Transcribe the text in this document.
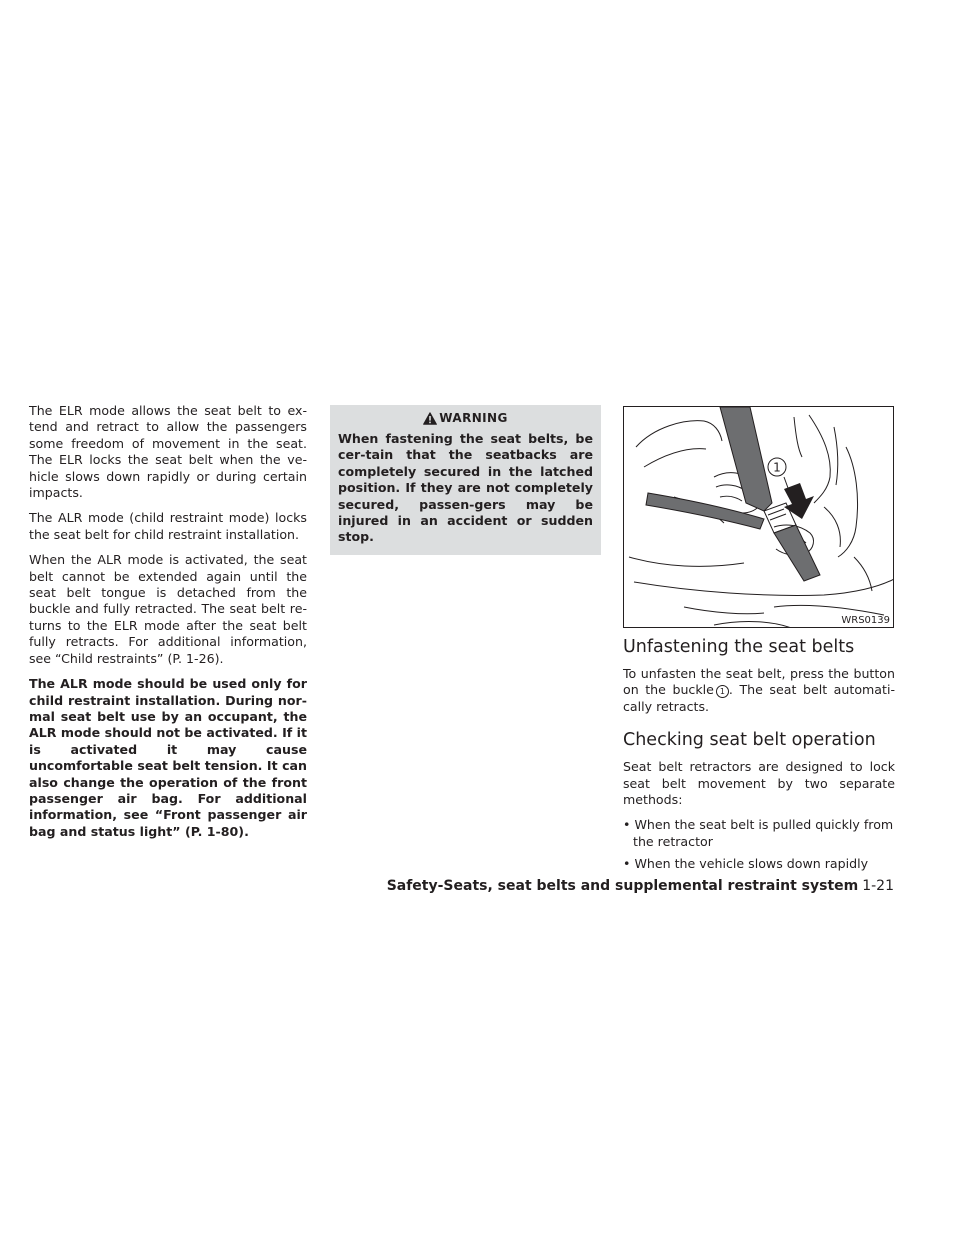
The ELR mode allows the seat belt to ex-tend and retract to allow the passengers some freedom of movement in the seat. The ELR locks the seat belt when the ve-hicle slows down rapidly or during certain impacts.

The ALR mode (child restraint mode) locks the seat belt for child restraint installation.

When the ALR mode is activated, the seat belt cannot be extended again until the seat belt tongue is detached from the buckle and fully retracted. The seat belt re-turns to the ELR mode after the seat belt fully retracts. For additional information, see “Child restraints” (P. 1-26).

The ALR mode should be used only for child restraint installation. During nor-mal seat belt use by an occupant, the ALR mode should not be activated. If it is activated it may cause uncomfortable seat belt tension. It can also change the operation of the front passenger air bag. For additional information, see “Front passenger air bag and status light” (P. 1-80).

WARNING

When fastening the seat belts, be cer-tain that the seatbacks are completely secured in the latched position. If they are not completely secured, passen-gers may be injured in an accident or sudden stop.

1
WRS0139
Unfastening the seat belts

To unfasten the seat belt, press the button on the buckle 1 . The seat belt automati-cally retracts.

Checking seat belt operation

Seat belt retractors are designed to lock seat belt movement by two separate methods:

• When the seat belt is pulled quickly from the retractor
• When the vehicle slows down rapidly
Safety-Seats, seat belts and supplemental restraint system 1-21
